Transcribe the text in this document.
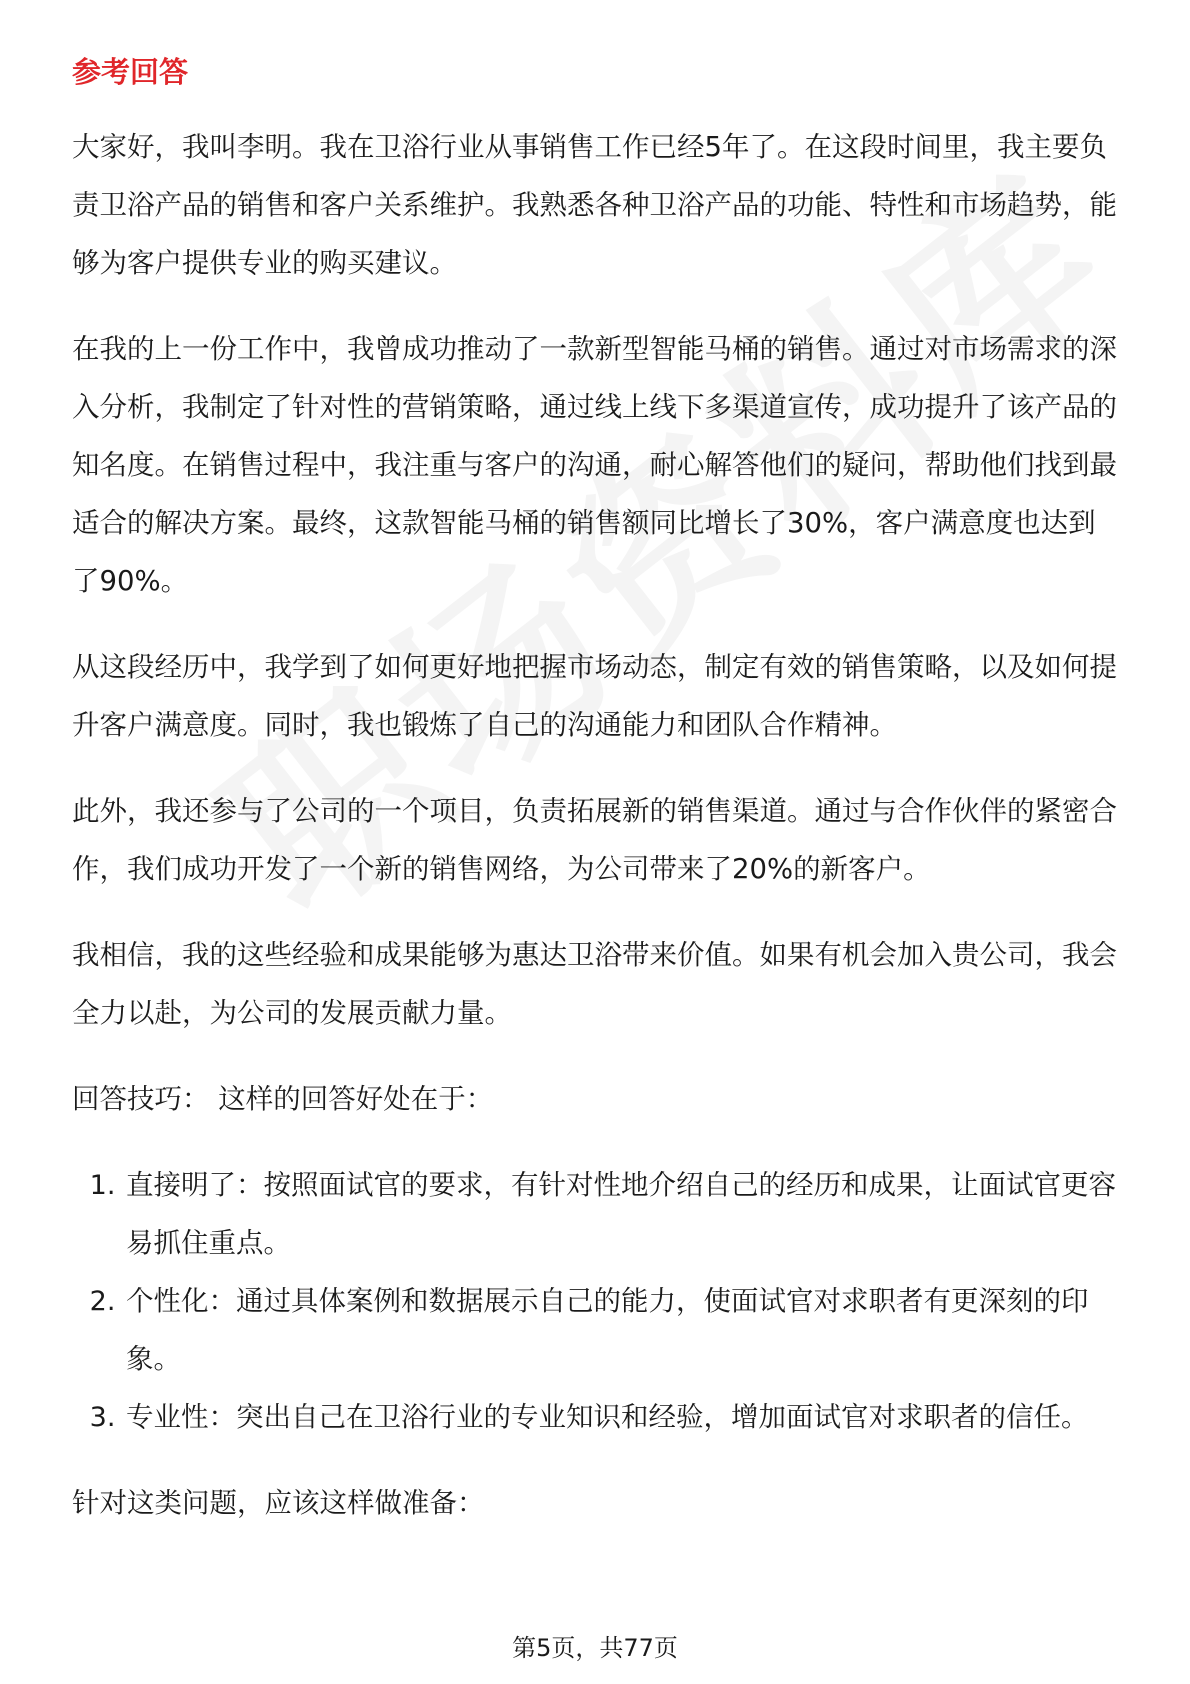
参考回答

大家好，我叫李明。我在卫浴行业从事销售工作已经5年了。在这段时间里，我主要负责卫浴产品的销售和客户关系维护。我熟悉各种卫浴产品的功能、特性和市场趋势，能够为客户提供专业的购买建议。

在我的上一份工作中，我曾成功推动了一款新型智能马桶的销售。通过对市场需求的深入分析，我制定了针对性的营销策略，通过线上线下多渠道宣传，成功提升了该产品的知名度。在销售过程中，我注重与客户的沟通，耐心解答他们的疑问，帮助他们找到最适合的解决方案。最终，这款智能马桶的销售额同比增长了30%，客户满意度也达到了90%。

从这段经历中，我学到了如何更好地把握市场动态，制定有效的销售策略，以及如何提升客户满意度。同时，我也锻炼了自己的沟通能力和团队合作精神。

此外，我还参与了公司的一个项目，负责拓展新的销售渠道。通过与合作伙伴的紧密合作，我们成功开发了一个新的销售网络，为公司带来了20%的新客户。

我相信，我的这些经验和成果能够为惠达卫浴带来价值。如果有机会加入贵公司，我会全力以赴，为公司的发展贡献力量。

回答技巧： 这样的回答好处在于：

1. 直接明了：按照面试官的要求，有针对性地介绍自己的经历和成果，让面试官更容易抓住重点。
2. 个性化：通过具体案例和数据展示自己的能力，使面试官对求职者有更深刻的印象。
3. 专业性：突出自己在卫浴行业的专业知识和经验，增加面试官对求职者的信任。

针对这类问题，应该这样做准备：

第5页，共77页
